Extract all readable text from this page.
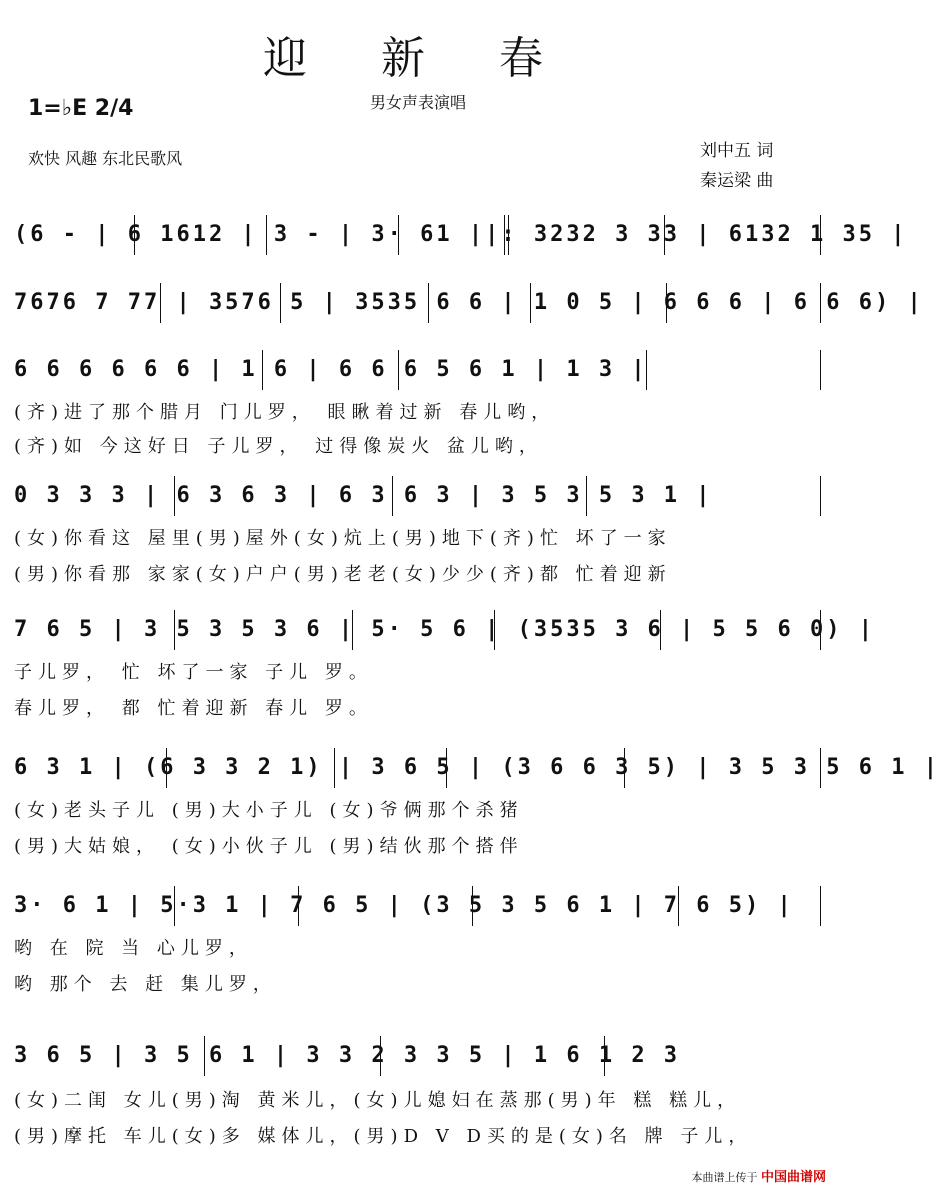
迎 新 春
男女声表演唱
1=♭E 2/4
欢快 风趣 东北民歌风	刘中五 词
秦运梁 曲
(6 - | 6 1612 | 3 - | 3· 61 ||: 3232 3 33 | 6132 1 35 |
7676 7 77 | 3576 5 | 3535 6 6 | 1 0 5 | 6 6 6 | 6 6 6) |
6 6 6 6 6 6 | 1 6 | 6 6 6 5 6 1 | 1 3 |
(齐)进了那个腊月 门儿罗， 眼瞅着过新 春儿哟，
(齐)如 今这好日 子儿罗， 过得像炭火 盆儿哟，
0 3 3 3 | 6 3 6 3 | 6 3 6 3 | 3 5 3 5 3 1 |
(女)你看这 屋里(男)屋外(女)炕上(男)地下(齐)忙 坏了一家
(男)你看那 家家(女)户户(男)老老(女)少少(齐)都 忙着迎新
7 6 5 | 3 5 3 5 3 6 | 5· 5 6 | (3535 3 6 | 5 5 6 0) |
子儿罗， 忙 坏了一家 子儿 罗。
春儿罗， 都 忙着迎新 春儿 罗。
6 3 1 | (6 3 3 2 1) | 3 6 5 | (3 6 6 3 5) | 3 5 3 5 6 1 |
(女)老头子儿 (男)大小子儿 (女)爷俩那个杀猪
(男)大姑娘， (女)小伙子儿 (男)结伙那个搭伴
3· 6 1 | 5·3 1 | 7 6 5 | (3 5 3 5 6 1 | 7 6 5) |
哟 在 院 当 心儿罗，
哟 那个 去 赶 集儿罗，
3 6 5 | 3 5 6 1 | 3 3 2 3 3 5 | 1 6 1 2 3
(女)二闺 女儿(男)淘 黄米儿，(女)儿媳妇在蒸那(男)年 糕 糕儿，
(男)摩托 车儿(女)多 媒体儿，(男)D V D买的是(女)名 牌 子儿，
本曲谱上传于 中国曲谱网
